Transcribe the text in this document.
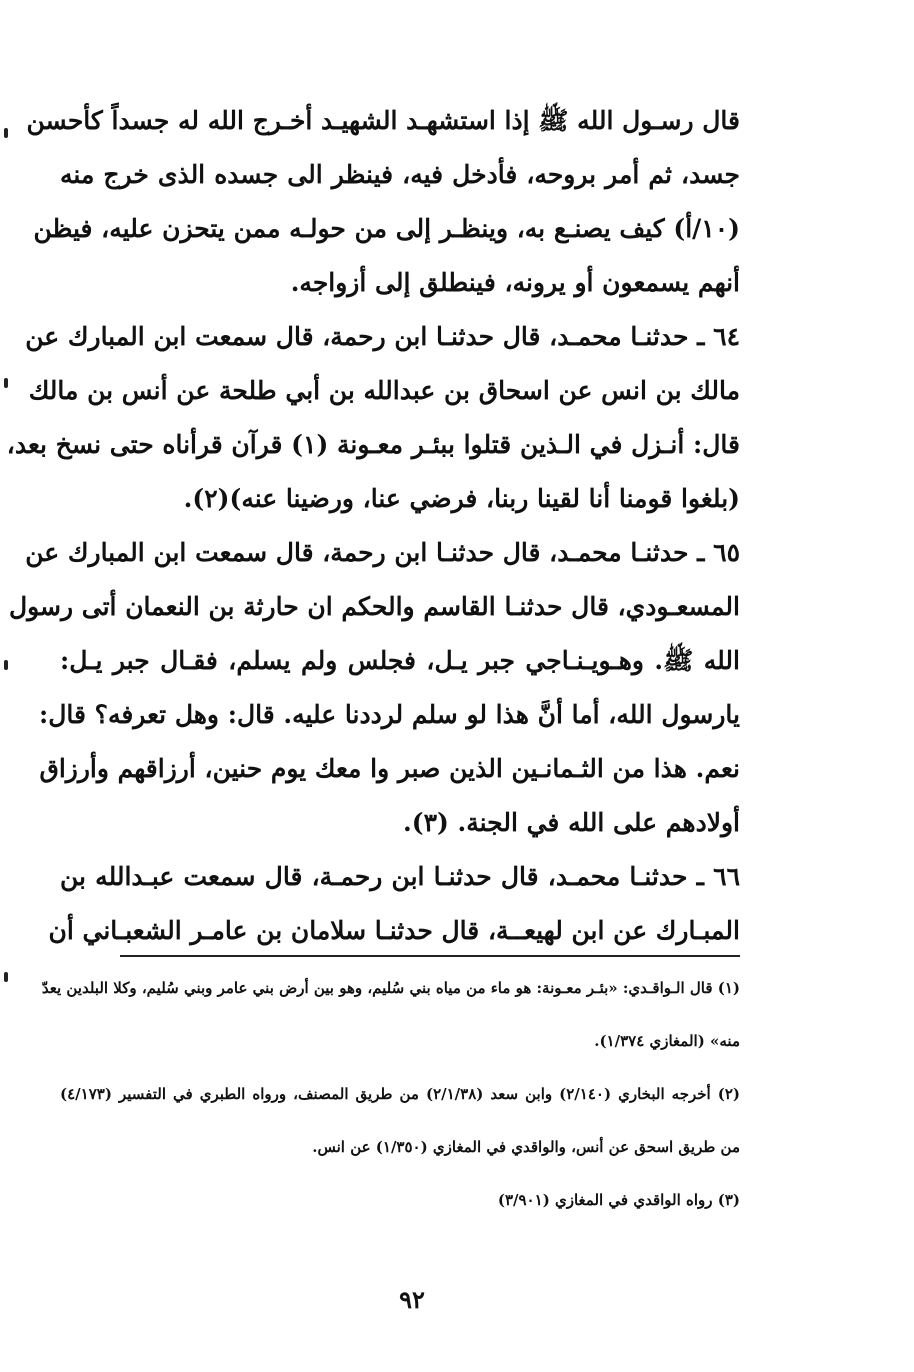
قال رسـول الله ﷺ إذا استشهـد الشهيـد أخـرج الله له جسداً كأحسن
جسد، ثم أمر بروحه، فأدخل فيه، فينظر الى جسده الذى خرج منه
(١٠/أ) كيف يصنـع به، وينظـر إلى من حولـه ممن يتحزن عليه، فيظن
أنهم يسمعون أو يرونه، فينطلق إلى أزواجه.
٦٤ ـ حدثنـا محمـد، قال حدثنـا ابن رحمة، قال سمعت ابن المبارك عن
مالك بن انس عن اسحاق بن عبدالله بن أبي طلحة عن أنس بن مالك
قال: أنـزل في الـذين قتلوا ببئـر معـونة (١) قرآن قرأناه حتى نسخ بعد،
(بلغوا قومنا أنا لقينا ربنا، فرضي عنا، ورضينا عنه)(٢).
٦٥ ـ حدثنـا محمـد، قال حدثنـا ابن رحمة، قال سمعت ابن المبارك عن
المسعـودي، قال حدثنـا القاسم والحكم ان حارثة بن النعمان أتى رسول
الله ﷺ. وهـويـنـاجي جبر يـل، فجلس ولم يسلم، فقـال جبر يـل:
يارسول الله، أما أنَّ هذا لو سلم لرددنا عليه. قال: وهل تعرفه؟ قال:
نعم. هذا من الثـمانـين الذين صبر وا معك يوم حنين، أرزاقهم وأرزاق
أولادهم على الله في الجنة. (٣).
٦٦ ـ حدثنـا محمـد، قال حدثنـا ابن رحمـة، قال سمعت عبـدالله بن
المبـارك عن ابن لهيعــة، قال حدثنـا سلامان بن عامـر الشعبـاني أن
(١) قال الـواقـدي: «بئـر معـونة: هو ماء من مياه بني سُليم، وهو بين أرض بني عامر وبني سُليم، وكلا البلدين يعدّ
منه» (المغازي ١/٣٧٤).
(٢) أخرجه البخاري (٢/١٤٠) وابن سعد (٢/١/٣٨) من طريق المصنف، ورواه الطبري في التفسير (٤/١٧٣)
من طريق اسحق عن أنس، والواقدي في المغازي (١/٣٥٠) عن انس.
(٣) رواه الواقدي في المغازي (٣/٩٠١)
٩٢
